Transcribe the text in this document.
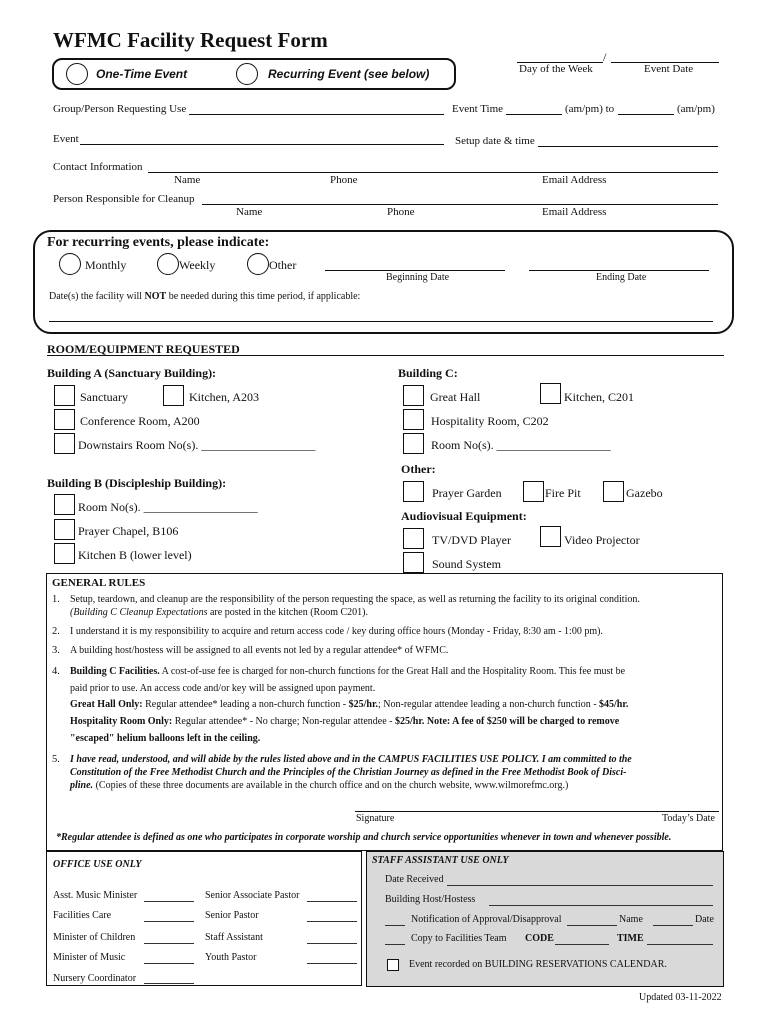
WFMC Facility Request Form
One-Time Event	Recurring Event (see below)
/
Day of the Week	Event Date
Group/Person Requesting Use	Event Time	(am/pm) to	(am/pm)
Event	Setup date & time
Contact Information
Name	Phone	Email Address
Person Responsible for Cleanup
Name	Phone	Email Address
For recurring events, please indicate:
Monthly	Weekly	Other
Beginning Date	Ending Date
Date(s) the facility will NOT be needed during this time period, if applicable:
ROOM/EQUIPMENT REQUESTED
Building A (Sanctuary Building):
Sanctuary	Kitchen, A203
Conference Room, A200
Downstairs Room No(s). ___________________
Building B (Discipleship Building):
Room No(s). ___________________
Prayer Chapel, B106
Kitchen B (lower level)
Building C:
Great Hall	Kitchen, C201
Hospitality Room, C202
Room No(s). ___________________
Other:
Prayer Garden	Fire Pit	Gazebo
Audiovisual Equipment:
TV/DVD Player	Video Projector
Sound System
GENERAL RULES
1. Setup, teardown, and cleanup are the responsibility of the person requesting the space, as well as returning the facility to its original condition.
(Building C Cleanup Expectations are posted in the kitchen (Room C201).
2. I understand it is my responsibility to acquire and return access code / key during office hours (Monday - Friday, 8:30 am - 1:00 pm).
3. A building host/hostess will be assigned to all events not led by a regular attendee* of WFMC.
4. Building C Facilities. A cost-of-use fee is charged for non-church functions for the Great Hall and the Hospitality Room. This fee must be
paid prior to use. An access code and/or key will be assigned upon payment.
Great Hall Only: Regular attendee* leading a non-church function - $25/hr.; Non-regular attendee leading a non-church function - $45/hr.
Hospitality Room Only: Regular attendee* - No charge; Non-regular attendee - $25/hr. Note: A fee of $250 will be charged to remove
"escaped" helium balloons left in the ceiling.
5. I have read, understood, and will abide by the rules listed above and in the CAMPUS FACILITIES USE POLICY. I am committed to the
Constitution of the Free Methodist Church and the Principles of the Christian Journey as defined in the Free Methodist Book of Disci-
pline. (Copies of these three documents are available in the church office and on the church website, www.wilmorefmc.org.)
Signature	Today’s Date
*Regular attendee is defined as one who participates in corporate worship and church service opportunities whenever in town and whenever possible.
OFFICE USE ONLY
Asst. Music Minister	Senior Associate Pastor
Facilities Care	Senior Pastor
Minister of Children	Staff Assistant
Minister of Music	Youth Pastor
Nursery Coordinator
STAFF ASSISTANT USE ONLY
Date Received
Building Host/Hostess
Notification of Approval/Disapproval	Name	Date
Copy to Facilities Team CODE	TIME
Event recorded on BUILDING RESERVATIONS CALENDAR.
Updated 03-11-2022
